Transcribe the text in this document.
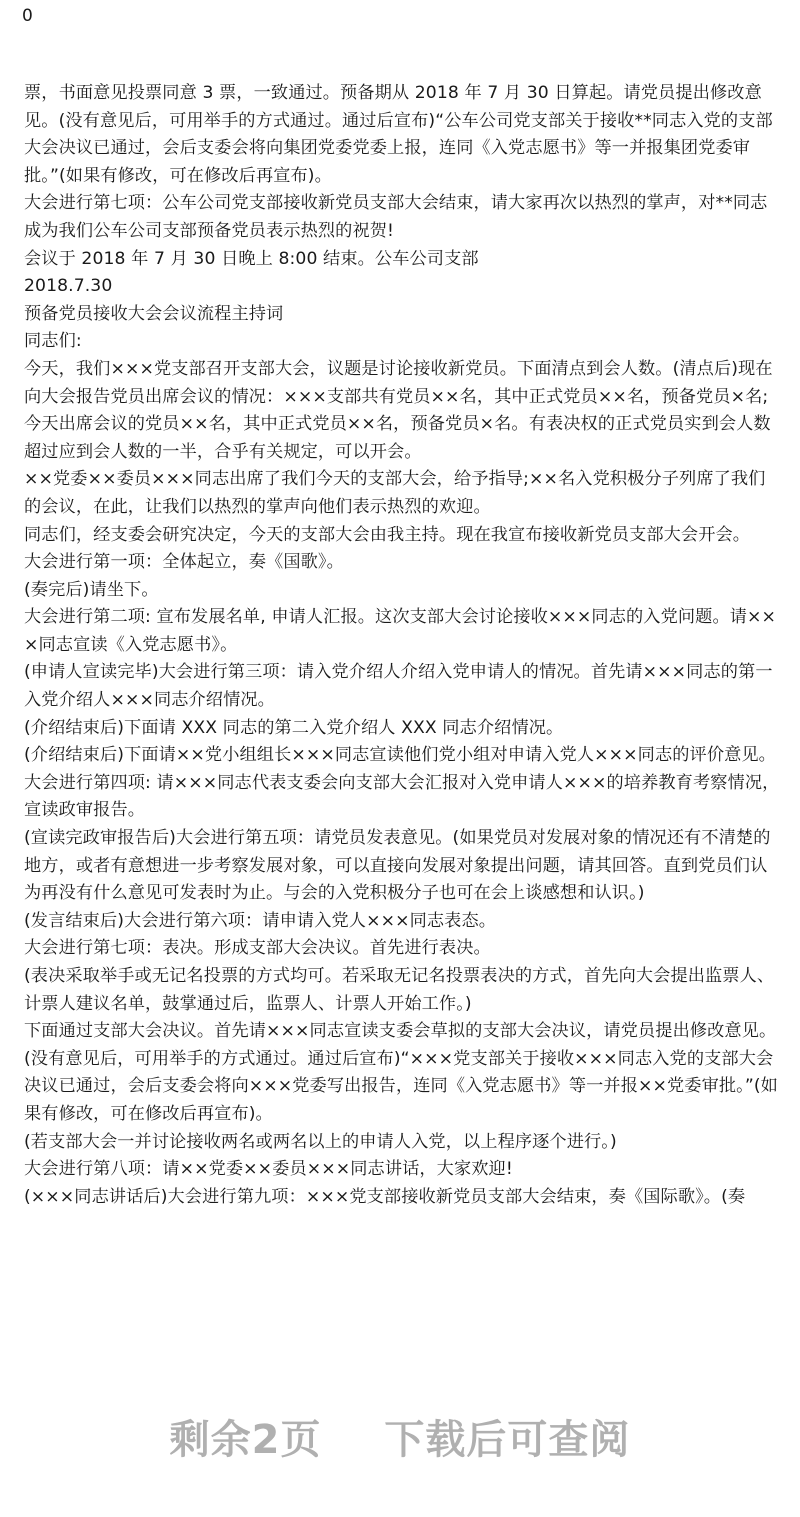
0

票，书面意见投票同意 3 票，一致通过。预备期从 2018 年 7 月 30 日算起。请党员提出修改意见。(没有意见后，可用举手的方式通过。通过后宣布)“公车公司党支部关于接收**同志入党的支部大会决议已通过，会后支委会将向集团党委党委上报，连同《入党志愿书》等一并报集团党委审批。”(如果有修改，可在修改后再宣布)。

大会进行第七项：公车公司党支部接收新党员支部大会结束，请大家再次以热烈的掌声，对**同志成为我们公车公司支部预备党员表示热烈的祝贺!

会议于 2018 年 7 月 30 日晚上 8:00 结束。公车公司支部

2018.7.30

预备党员接收大会会议流程主持词

同志们:

今天，我们×××党支部召开支部大会，议题是讨论接收新党员。下面清点到会人数。(清点后)现在向大会报告党员出席会议的情况：×××支部共有党员××名，其中正式党员××名，预备党员×名;今天出席会议的党员××名，其中正式党员××名，预备党员×名。有表决权的正式党员实到会人数超过应到会人数的一半，合乎有关规定，可以开会。

××党委××委员×××同志出席了我们今天的支部大会，给予指导;××名入党积极分子列席了我们的会议，在此，让我们以热烈的掌声向他们表示热烈的欢迎。

同志们，经支委会研究决定，今天的支部大会由我主持。现在我宣布接收新党员支部大会开会。

大会进行第一项：全体起立，奏《国歌》。

(奏完后)请坐下。

大会进行第二项: 宣布发展名单, 申请人汇报。这次支部大会讨论接收×××同志的入党问题。请×××同志宣读《入党志愿书》。

(申请人宣读完毕)大会进行第三项：请入党介绍人介绍入党申请人的情况。首先请×××同志的第一入党介绍人×××同志介绍情况。

(介绍结束后)下面请 XXX 同志的第二入党介绍人 XXX 同志介绍情况。

(介绍结束后)下面请××党小组组长×××同志宣读他们党小组对申请入党人×××同志的评价意见。

大会进行第四项: 请×××同志代表支委会向支部大会汇报对入党申请人×××的培养教育考察情况，宣读政审报告。

(宣读完政审报告后)大会进行第五项：请党员发表意见。(如果党员对发展对象的情况还有不清楚的地方，或者有意想进一步考察发展对象，可以直接向发展对象提出问题，请其回答。直到党员们认为再没有什么意见可发表时为止。与会的入党积极分子也可在会上谈感想和认识。)

(发言结束后)大会进行第六项：请申请入党人×××同志表态。

大会进行第七项：表决。形成支部大会决议。首先进行表决。

(表决采取举手或无记名投票的方式均可。若采取无记名投票表决的方式，首先向大会提出监票人、计票人建议名单，鼓掌通过后，监票人、计票人开始工作。)

下面通过支部大会决议。首先请×××同志宣读支委会草拟的支部大会决议，请党员提出修改意见。(没有意见后，可用举手的方式通过。通过后宣布)“×××党支部关于接收×××同志入党的支部大会决议已通过，会后支委会将向×××党委写出报告，连同《入党志愿书》等一并报××党委审批。”(如果有修改，可在修改后再宣布)。

(若支部大会一并讨论接收两名或两名以上的申请人入党，以上程序逐个进行。)

大会进行第八项：请××党委××委员×××同志讲话，大家欢迎!

(×××同志讲话后)大会进行第九项：×××党支部接收新党员支部大会结束，奏《国际歌》。(奏

剩余2页 下载后可查阅
